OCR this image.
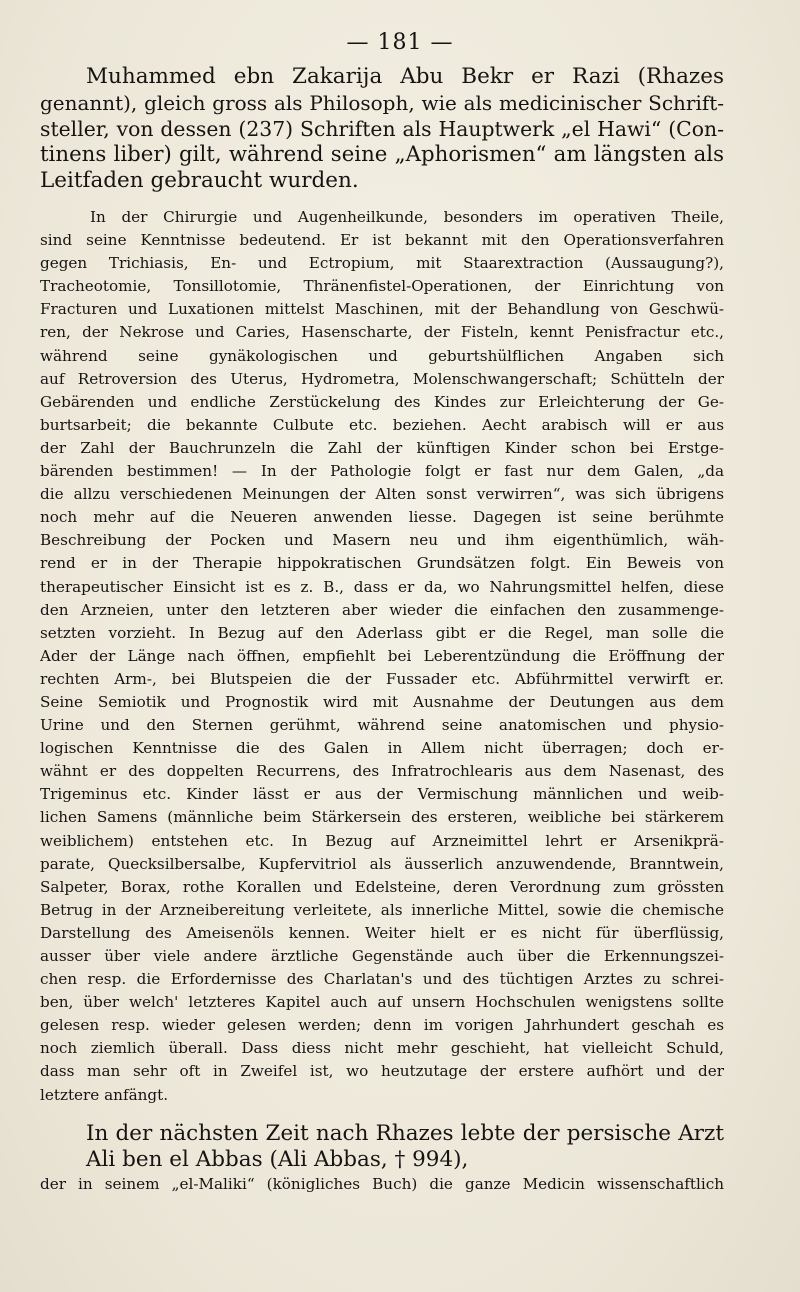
— 181 —
Muhammed ebn Zakarija Abu Bekr er Razi (Rhazes
genannt), gleich gross als Philosoph, wie als medicinischer Schrift-
steller, von dessen (237) Schriften als Hauptwerk „el Hawi“ (Con-
tinens liber) gilt, während seine „Aphorismen“ am längsten als
Leitfaden gebraucht wurden.
In der Chirurgie und Augenheilkunde, besonders im operativen Theile,
sind seine Kenntnisse bedeutend. Er ist bekannt mit den Operationsverfahren
gegen Trichiasis, En- und Ectropium, mit Staarextraction (Aussaugung?),
Tracheotomie, Tonsillotomie, Thränenfistel-Operationen, der Einrichtung von
Fracturen und Luxationen mittelst Maschinen, mit der Behandlung von Geschwü-
ren, der Nekrose und Caries, Hasenscharte, der Fisteln, kennt Penisfractur etc.,
während seine gynäkologischen und geburtshülflichen Angaben sich
auf Retroversion des Uterus, Hydrometra, Molenschwangerschaft; Schütteln der
Gebärenden und endliche Zerstückelung des Kindes zur Erleichterung der Ge-
burtsarbeit; die bekannte Culbute etc. beziehen. Aecht arabisch will er aus
der Zahl der Bauchrunzeln die Zahl der künftigen Kinder schon bei Erstge-
bärenden bestimmen! — In der Pathologie folgt er fast nur dem Galen, „da
die allzu verschiedenen Meinungen der Alten sonst verwirren“, was sich übrigens
noch mehr auf die Neueren anwenden liesse. Dagegen ist seine berühmte
Beschreibung der Pocken und Masern neu und ihm eigenthümlich, wäh-
rend er in der Therapie hippokratischen Grundsätzen folgt. Ein Beweis von
therapeutischer Einsicht ist es z. B., dass er da, wo Nahrungsmittel helfen, diese
den Arzneien, unter den letzteren aber wieder die einfachen den zusammenge-
setzten vorzieht. In Bezug auf den Aderlass gibt er die Regel, man solle die
Ader der Länge nach öffnen, empfiehlt bei Leberentzündung die Eröffnung der
rechten Arm-, bei Blutspeien die der Fussader etc. Abführmittel verwirft er.
Seine Semiotik und Prognostik wird mit Ausnahme der Deutungen aus dem
Urine und den Sternen gerühmt, während seine anatomischen und physio-
logischen Kenntnisse die des Galen in Allem nicht überragen; doch er-
wähnt er des doppelten Recurrens, des Infratrochlearis aus dem Nasenast, des
Trigeminus etc. Kinder lässt er aus der Vermischung männlichen und weib-
lichen Samens (männliche beim Stärkersein des ersteren, weibliche bei stärkerem
weiblichem) entstehen etc. In Bezug auf Arzneimittel lehrt er Arsenikprä-
parate, Quecksilbersalbe, Kupfervitriol als äusserlich anzuwendende, Branntwein,
Salpeter, Borax, rothe Korallen und Edelsteine, deren Verordnung zum grössten
Betrug in der Arzneibereitung verleitete, als innerliche Mittel, sowie die chemische
Darstellung des Ameisenöls kennen. Weiter hielt er es nicht für überflüssig,
ausser über viele andere ärztliche Gegenstände auch über die Erkennungszei-
chen resp. die Erfordernisse des Charlatan's und des tüchtigen Arztes zu schrei-
ben, über welch' letzteres Kapitel auch auf unsern Hochschulen wenigstens sollte
gelesen resp. wieder gelesen werden; denn im vorigen Jahrhundert geschah es
noch ziemlich überall. Dass diess nicht mehr geschieht, hat vielleicht Schuld,
dass man sehr oft in Zweifel ist, wo heutzutage der erstere aufhört und der
letztere anfängt.
In der nächsten Zeit nach Rhazes lebte der persische Arzt
Ali ben el Abbas (Ali Abbas, † 994),
der in seinem „el-Maliki“ (königliches Buch) die ganze Medicin wissenschaftlich
